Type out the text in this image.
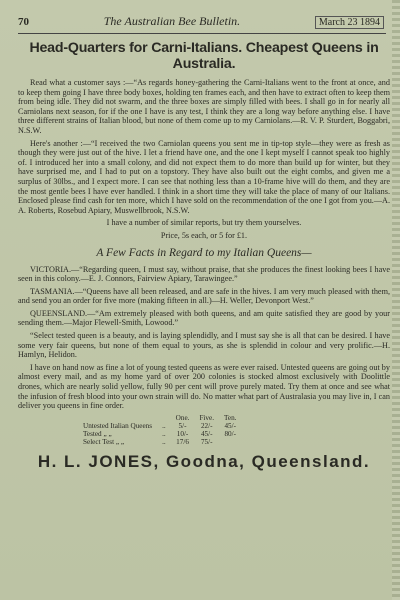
70	The Australian Bee Bulletin.	March 23 1894
Head-Quarters for Carni-Italians. Cheapest Queens in Australia.

Read what a customer says :—“As regards honey-gathering the Carni-Italians went to the front at once, and to keep them going I have three body boxes, holding ten frames each, and then have to extract often to keep them from being idle. They did not swarm, and the three boxes are simply filled with bees. I shall go in for nearly all Carniolans next season, for if the one I have is any test, I think they are a long way before anything else. I have three different strains of Italian blood, but none of them come up to my Carniolans.—R. V. P. Sturdert, Boggabri, N.S.W.

Here's another :—“I received the two Carniolan queens you sent me in tip-top style—they were as fresh as though they were just out of the hive. I let a friend have one, and the one I kept myself I cannot speak too highly of. I introduced her into a small colony, and did not expect them to do more than build up for winter, but they have surprised me, and I had to put on a topstory. They have also built out the eight combs, and given me a surplus of 30lbs., and I expect more. I can see that nothing less than a 10-frame hive will do them, and they are the most gentle bees I have ever handled. I think in a short time they will take the place of many of our Italians. Enclosed please find cash for ten more, which I have sold on the recommendation of the one I got from you.—A. A. Roberts, Rosebud Apiary, Muswellbrook, N.S.W.

I have a number of similar reports, but try them yourselves.

Price, 5s each, or 5 for £1.

A Few Facts in Regard to my Italian Queens—

VICTORIA.—“Regarding queen, I must say, without praise, that she produces the finest looking bees I have seen in this colony.—E. J. Connors, Fairview Apiary, Tarawingee.”

TASMANIA.—“Queens have all been released, and are safe in the hives. I am very much pleased with them, and send you an order for five more (making fifteen in all.)—H. Weller, Devonport West.”

QUEENSLAND.—“Am extremely pleased with both queens, and am quite satisfied they are good by your sending them.—Major Flewell-Smith, Lowood.”

“Select tested queen is a beauty, and is laying splendidly, and I must say she is all that can be desired. I have some very fair queens, but none of them equal to yours, as she is splendid in colour and very prolific.—H. Hamlyn, Helidon.

I have on hand now as fine a lot of young tested queens as were ever raised. Untested queens are going out by almost every mail, and as my home yard of over 200 colonies is stocked almost exclusively with Doolittle drones, which are nearly solid yellow, fully 90 per cent will prove purely mated. Try them at once and see what the infusion of fresh blood into your own strain will do. No matter what part of Australasia you may live in, I can deliver you queens in fine order.

		One.	Five.	Ten.
Untested Italian Queens	..	5/-	22/-	45/-
Tested „ „	..	10/-	45/-	80/-
Select Test „ „	..	17/6	75/-	
H. L. JONES, Goodna, Queensland.
